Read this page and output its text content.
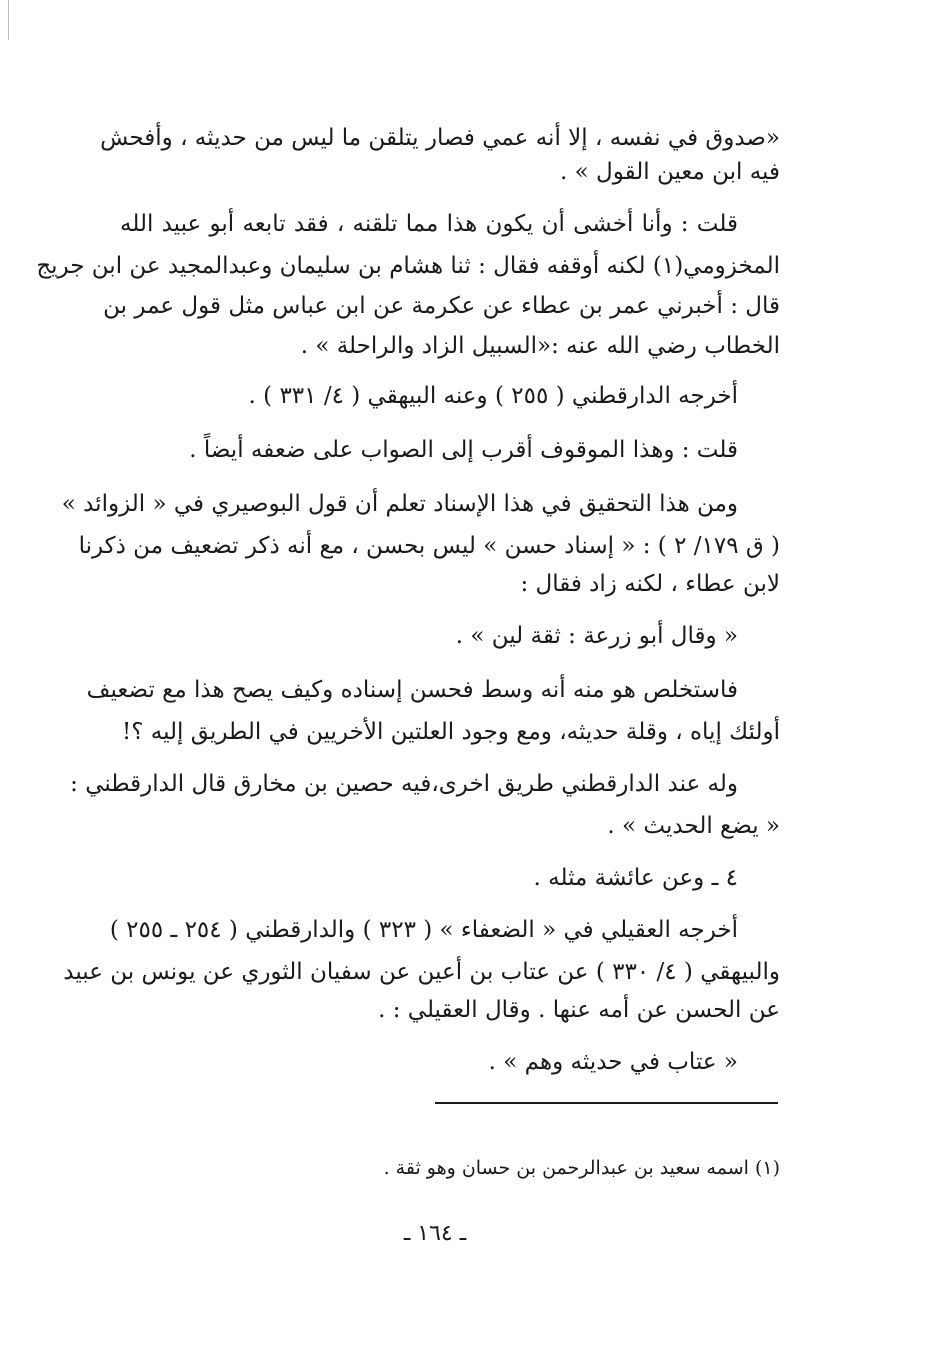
«صدوق في نفسه ، إلا أنه عمي فصار يتلقن ما ليس من حديثه ، وأفحش
فيه ابن معين القول » .
قلت : وأنا أخشى أن يكون هذا مما تلقنه ، فقد تابعه أبو عبيد الله
المخزومي(١) لكنه أوقفه فقال : ثنا هشام بن سليمان وعبدالمجيد عن ابن جريج
قال : أخبرني عمر بن عطاء عن عكرمة عن ابن عباس مثل قول عمر بن
الخطاب رضي الله عنه :«السبيل الزاد والراحلة » .
أخرجه الدارقطني ( ٢٥٥ ) وعنه البيهقي ( ٤/ ٣٣١ ) .
قلت : وهذا الموقوف أقرب إلى الصواب على ضعفه أيضاً .
ومن هذا التحقيق في هذا الإسناد تعلم أن قول البوصيري في « الزوائد »
( ق ١٧٩/ ٢ ) : « إسناد حسن » ليس بحسن ، مع أنه ذكر تضعيف من ذكرنا
لابن عطاء ، لكنه زاد فقال :
« وقال أبو زرعة : ثقة لين » .
فاستخلص هو منه أنه وسط فحسن إسناده وكيف يصح هذا مع تضعيف
أولئك إياه ، وقلة حديثه، ومع وجود العلتين الأخريين في الطريق إليه ؟!
وله عند الدارقطني طريق اخرى،فيه حصين بن مخارق قال الدارقطني :
« يضع الحديث » .
٤ ـ وعن عائشة مثله .
أخرجه العقيلي في « الضعفاء » ( ٣٢٣ ) والدارقطني ( ٢٥٤ ـ ٢٥٥ )
والبيهقي ( ٤/ ٣٣٠ ) عن عتاب بن أعين عن سفيان الثوري عن يونس بن عبيد
عن الحسن عن أمه عنها . وقال العقيلي : .
« عتاب في حديثه وهم » .
(١) اسمه سعيد بن عبدالرحمن بن حسان وهو ثقة .
ـ ١٦٤ ـ
